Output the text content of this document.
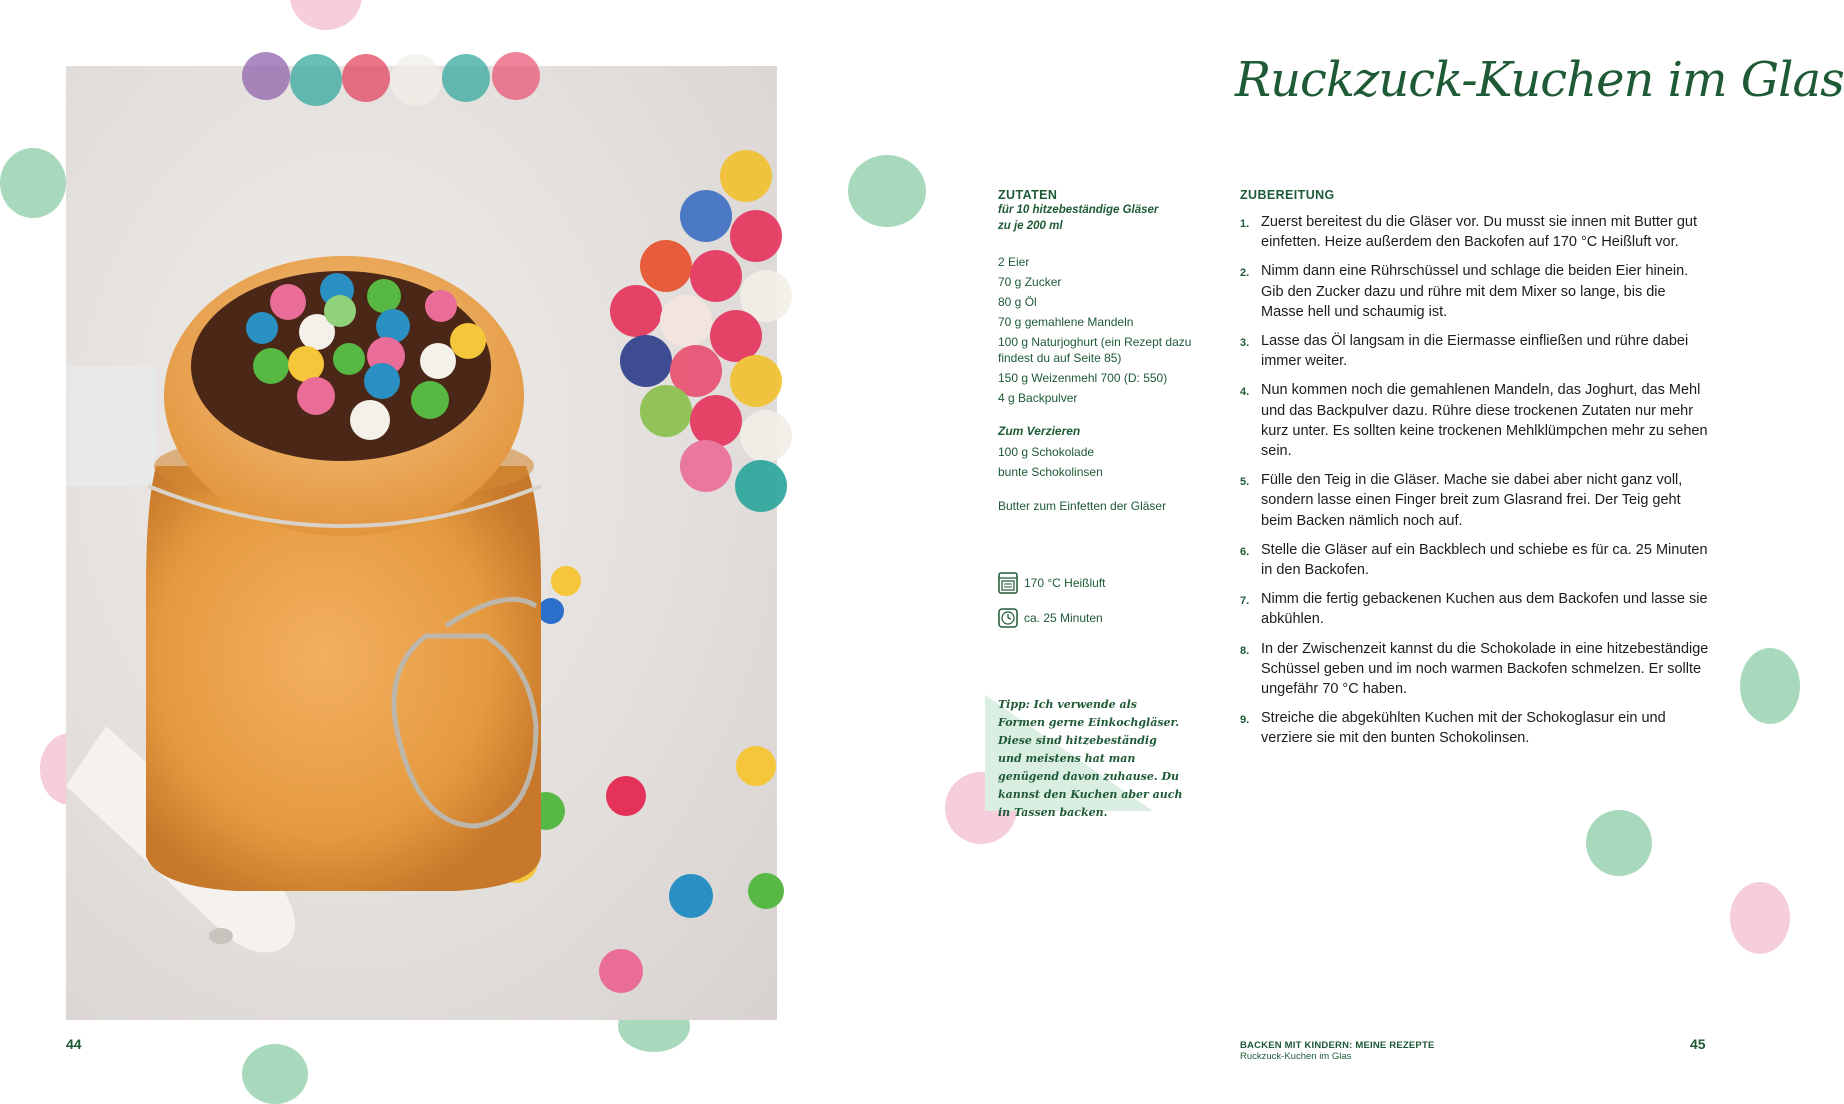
Ruckzuck-Kuchen im Glas
ZUTATEN
für 10 hitzebeständige Gläser
zu je 200 ml
2 Eier
70 g Zucker
80 g Öl
70 g gemahlene Mandeln
100 g Naturjoghurt (ein Rezept dazu findest du auf Seite 85)
150 g Weizenmehl 700 (D: 550)
4 g Backpulver
Zum Verzieren
100 g Schokolade
bunte Schokolinsen
Butter zum Einfetten der Gläser
170 °C Heißluft
ca. 25 Minuten
Tipp: Ich verwende als Formen gerne Einkochgläser. Diese sind hitzebeständig und meistens hat man genügend davon zuhause. Du kannst den Kuchen aber auch in Tassen backen.
ZUBEREITUNG
1. Zuerst bereitest du die Gläser vor. Du musst sie innen mit Butter gut einfetten. Heize außerdem den Backofen auf 170 °C Heißluft vor.
2. Nimm dann eine Rührschüssel und schlage die beiden Eier hinein. Gib den Zucker dazu und rühre mit dem Mixer so lange, bis die Masse hell und schaumig ist.
3. Lasse das Öl langsam in die Eiermasse einfließen und rühre dabei immer weiter.
4. Nun kommen noch die gemahlenen Mandeln, das Joghurt, das Mehl und das Backpulver dazu. Rühre diese trockenen Zutaten nur mehr kurz unter. Es sollten keine trockenen Mehlklümpchen mehr zu sehen sein.
5. Fülle den Teig in die Gläser. Mache sie dabei aber nicht ganz voll, sondern lasse einen Finger breit zum Glasrand frei. Der Teig geht beim Backen nämlich noch auf.
6. Stelle die Gläser auf ein Backblech und schiebe es für ca. 25 Minuten in den Backofen.
7. Nimm die fertig gebackenen Kuchen aus dem Backofen und lasse sie abkühlen.
8. In der Zwischenzeit kannst du die Schokolade in eine hitzebeständige Schüssel geben und im noch warmen Backofen schmelzen. Er sollte ungefähr 70 °C haben.
9. Streiche die abgekühlten Kuchen mit der Schokoglasur ein und verziere sie mit den bunten Schokolinsen.
44	45
BACKEN MIT KINDERN: MEINE REZEPTE
Ruckzuck-Kuchen im Glas
